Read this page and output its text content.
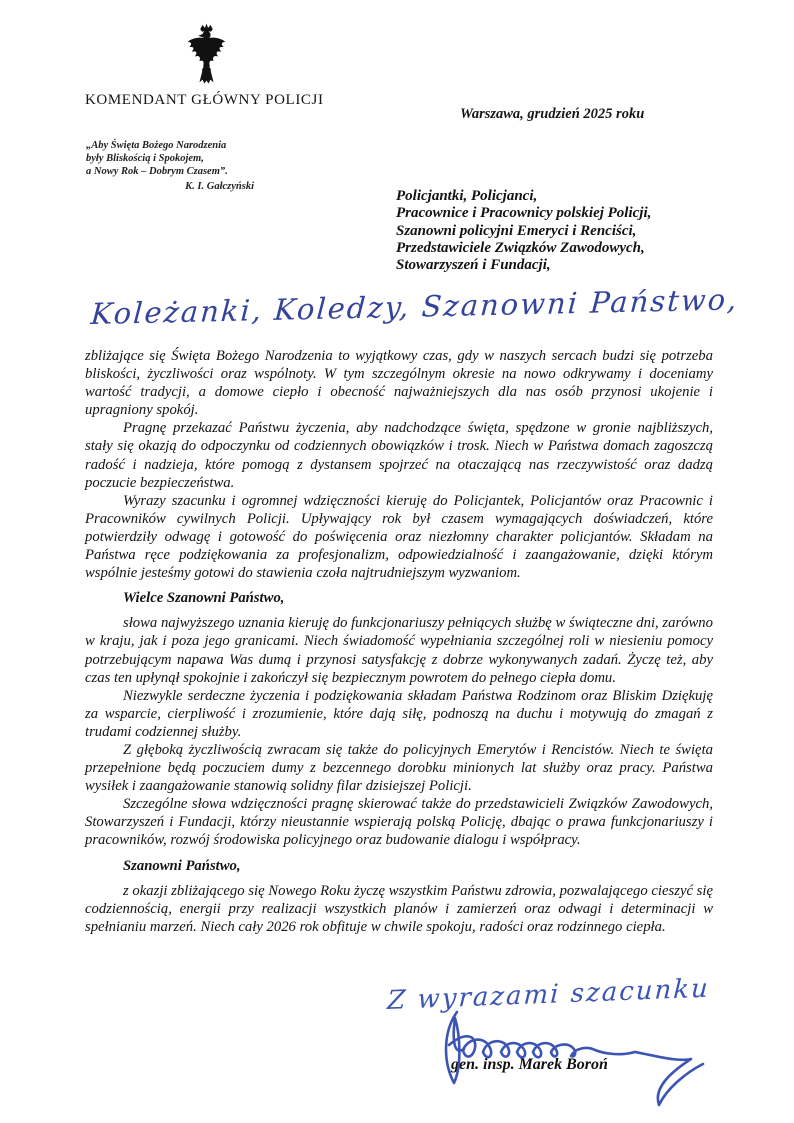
KOMENDANT GŁÓWNY POLICJI
Warszawa, grudzień 2025 roku
„Aby Święta Bożego Narodzenia
były Bliskością i Spokojem,
a Nowy Rok – Dobrym Czasem”.
K. I. Gałczyński
Policjantki, Policjanci,
Pracownice i Pracownicy polskiej Policji,
Szanowni policyjni Emeryci i Renciści,
Przedstawiciele Związków Zawodowych,
Stowarzyszeń i Fundacji,
Koleżanki, Koledzy, Szanowni Państwo,

zbliżające się Święta Bożego Narodzenia to wyjątkowy czas, gdy w naszych sercach budzi się potrzeba bliskości, życzliwości oraz wspólnoty. W tym szczególnym okresie na nowo odkrywamy i doceniamy wartość tradycji, a domowe ciepło i obecność najważniejszych dla nas osób przynosi ukojenie i upragniony spokój.

Pragnę przekazać Państwu życzenia, aby nadchodzące święta, spędzone w gronie najbliższych, stały się okazją do odpoczynku od codziennych obowiązków i trosk. Niech w Państwa domach zagoszczą radość i nadzieja, które pomogą z dystansem spojrzeć na otaczającą nas rzeczywistość oraz dadzą poczucie bezpieczeństwa.

Wyrazy szacunku i ogromnej wdzięczności kieruję do Policjantek, Policjantów oraz Pracownic i Pracowników cywilnych Policji. Upływający rok był czasem wymagających doświadczeń, które potwierdziły odwagę i gotowość do poświęcenia oraz niezłomny charakter policjantów. Składam na Państwa ręce podziękowania za profesjonalizm, odpowiedzialność i zaangażowanie, dzięki którym wspólnie jesteśmy gotowi do stawienia czoła najtrudniejszym wyzwaniom.

Wielce Szanowni Państwo,

słowa najwyższego uznania kieruję do funkcjonariuszy pełniących służbę w świąteczne dni, zarówno w kraju, jak i poza jego granicami. Niech świadomość wypełniania szczególnej roli w niesieniu pomocy potrzebującym napawa Was dumą i przynosi satysfakcję z dobrze wykonywanych zadań. Życzę też, aby czas ten upłynął spokojnie i zakończył się bezpiecznym powrotem do pełnego ciepła domu.

Niezwykle serdeczne życzenia i podziękowania składam Państwa Rodzinom oraz Bliskim Dziękuję za wsparcie, cierpliwość i zrozumienie, które dają siłę, podnoszą na duchu i motywują do zmagań z trudami codziennej służby.

Z głęboką życzliwością zwracam się także do policyjnych Emerytów i Rencistów. Niech te święta przepełnione będą poczuciem dumy z bezcennego dorobku minionych lat służby oraz pracy. Państwa wysiłek i zaangażowanie stanowią solidny filar dzisiejszej Policji.

Szczególne słowa wdzięczności pragnę skierować także do przedstawicieli Związków Zawodowych, Stowarzyszeń i Fundacji, którzy nieustannie wspierają polską Policję, dbając o prawa funkcjonariuszy i pracowników, rozwój środowiska policyjnego oraz budowanie dialogu i współpracy.

Szanowni Państwo,

z okazji zbliżającego się Nowego Roku życzę wszystkim Państwu zdrowia, pozwalającego cieszyć się codziennością, energii przy realizacji wszystkich planów i zamierzeń oraz odwagi i determinacji w spełnianiu marzeń. Niech cały 2026 rok obfituje w chwile spokoju, radości oraz rodzinnego ciepła.

Z wyrazami szacunku
gen. insp. Marek Boroń
